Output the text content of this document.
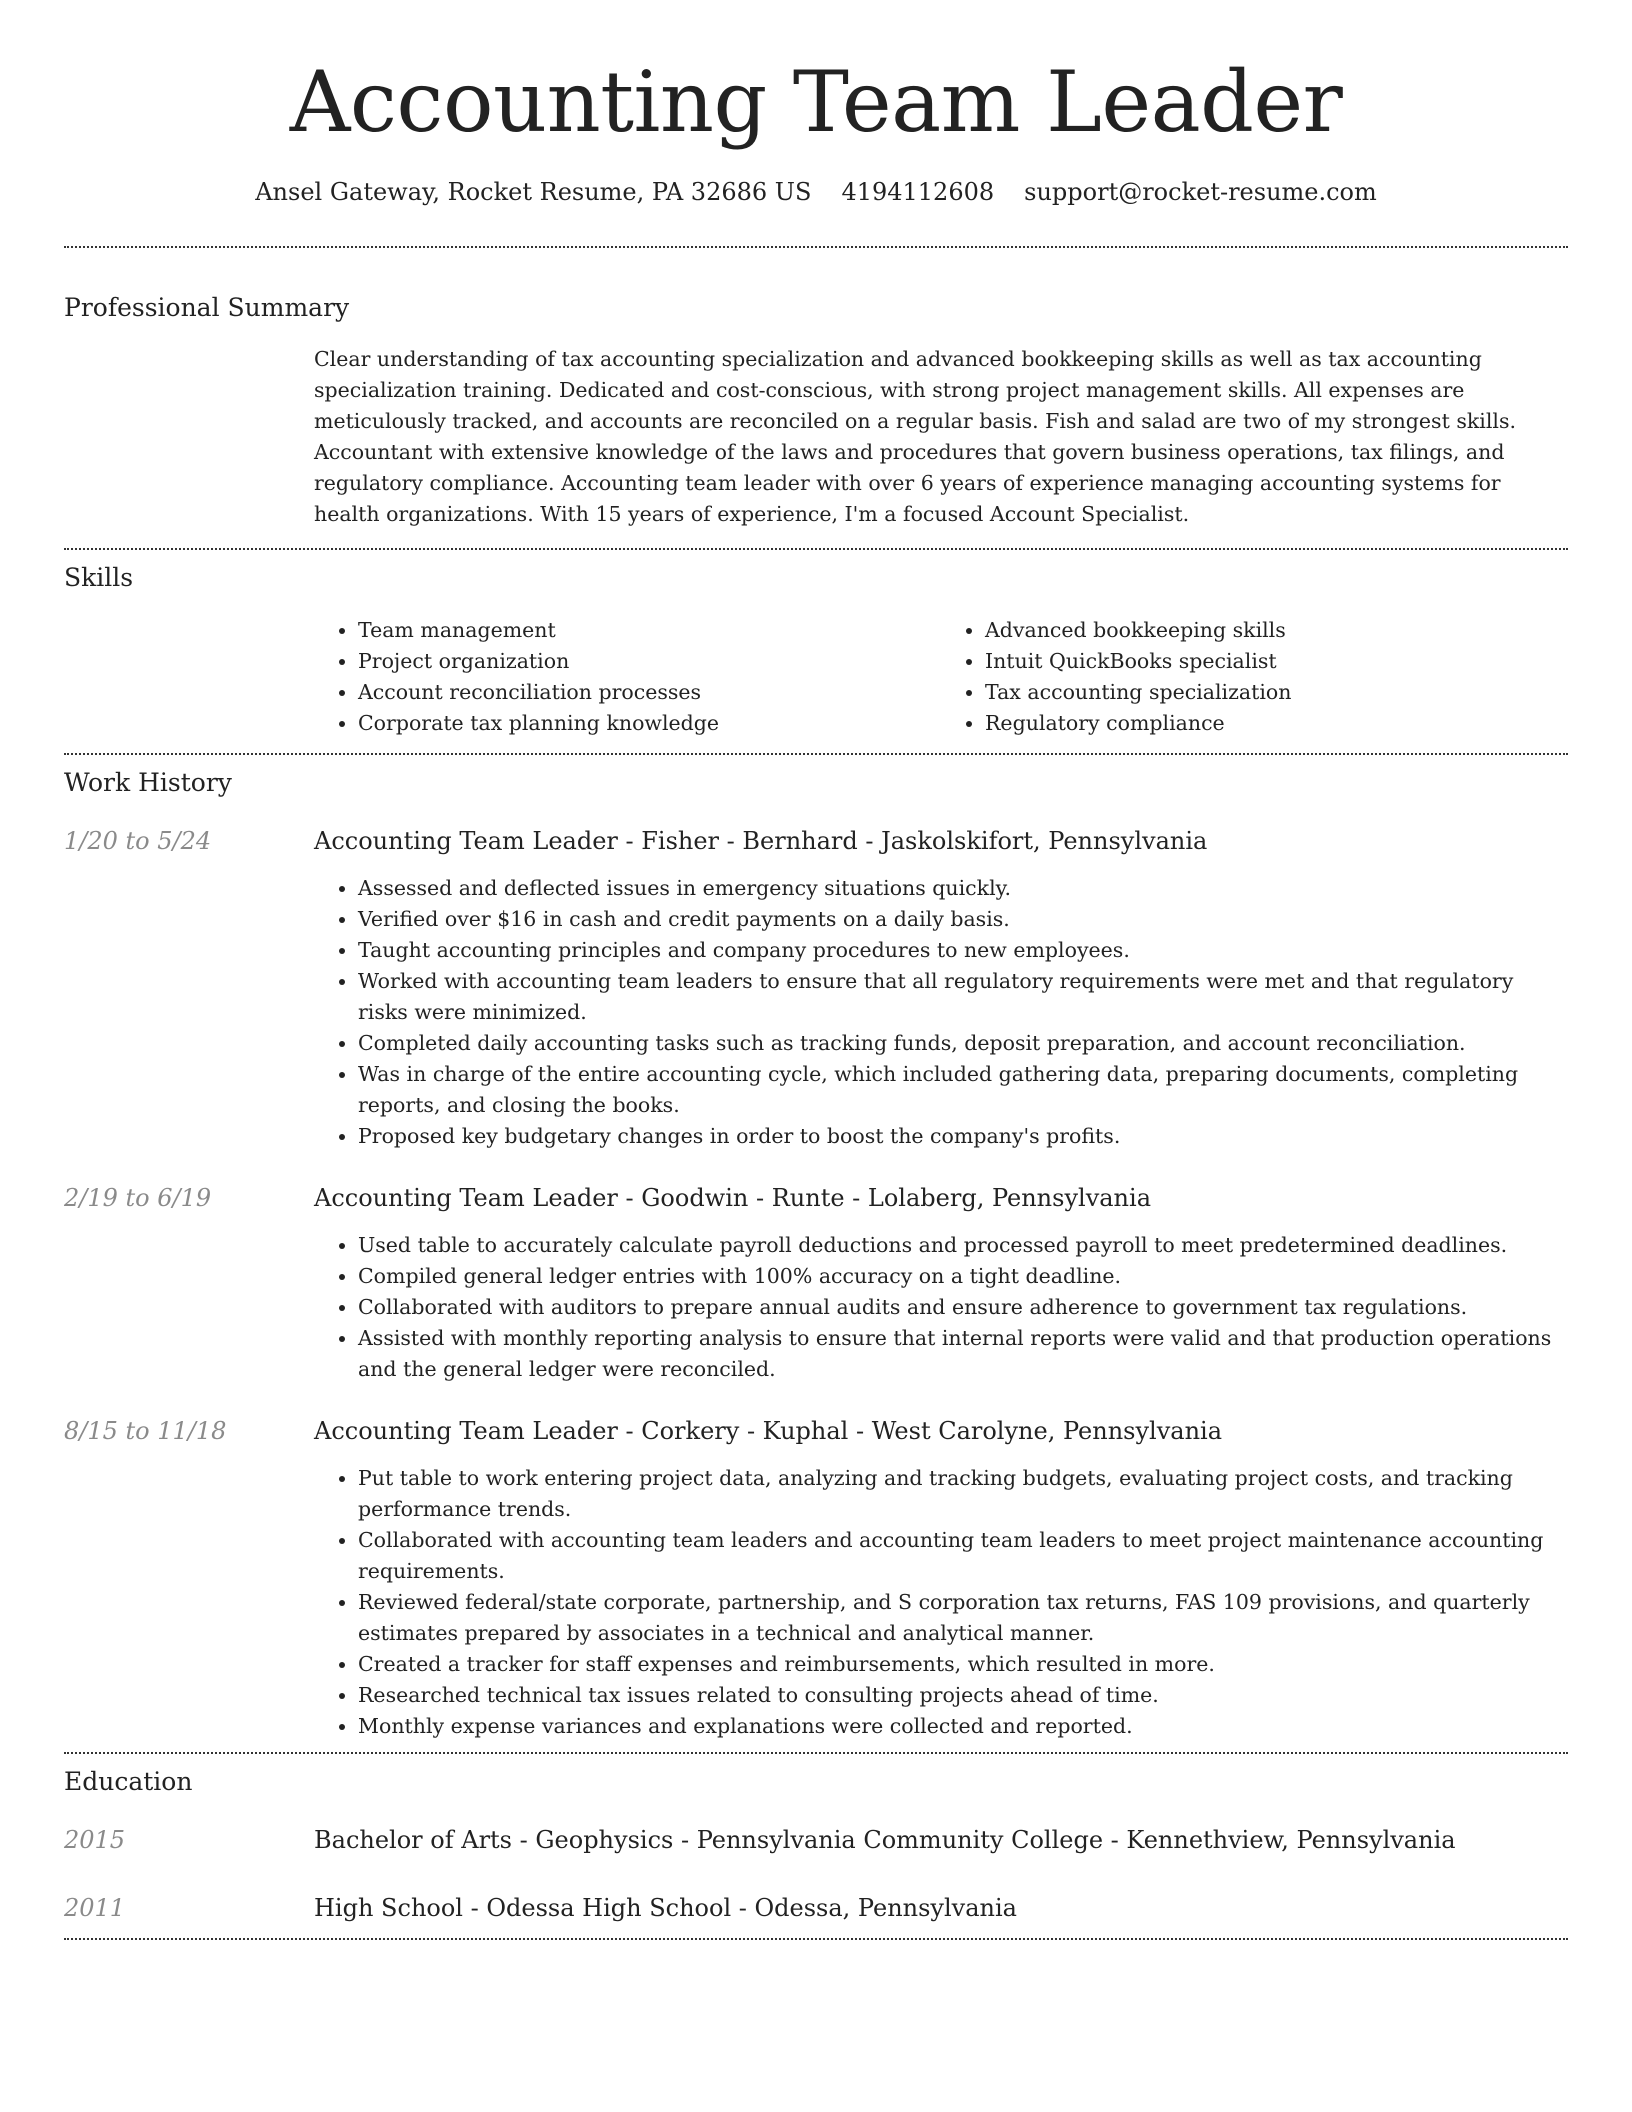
Accounting Team Leader
Ansel Gateway, Rocket Resume, PA 32686 US 4194112608 support@rocket-resume.com
Professional Summary

Clear understanding of tax accounting specialization and advanced bookkeeping skills as well as tax accounting specialization training. Dedicated and cost-conscious, with strong project management skills. All expenses are meticulously tracked, and accounts are reconciled on a regular basis. Fish and salad are two of my strongest skills. Accountant with extensive knowledge of the laws and procedures that govern business operations, tax filings, and regulatory compliance. Accounting team leader with over 6 years of experience managing accounting systems for health organizations. With 15 years of experience, I'm a focused Account Specialist.

Skills
• Team management
• Project organization
• Account reconciliation processes
• Corporate tax planning knowledge
• Advanced bookkeeping skills
• Intuit QuickBooks specialist
• Tax accounting specialization
• Regulatory compliance
Work History
1/20 to 5/24	Accounting Team Leader - Fisher - Bernhard - Jaskolskifort, Pennsylvania
• Assessed and deflected issues in emergency situations quickly.
• Verified over $16 in cash and credit payments on a daily basis.
• Taught accounting principles and company procedures to new employees.
• Worked with accounting team leaders to ensure that all regulatory requirements were met and that regulatory risks were minimized.
• Completed daily accounting tasks such as tracking funds, deposit preparation, and account reconciliation.
• Was in charge of the entire accounting cycle, which included gathering data, preparing documents, completing reports, and closing the books.
• Proposed key budgetary changes in order to boost the company's profits.
2/19 to 6/19	Accounting Team Leader - Goodwin - Runte - Lolaberg, Pennsylvania
• Used table to accurately calculate payroll deductions and processed payroll to meet predetermined deadlines.
• Compiled general ledger entries with 100% accuracy on a tight deadline.
• Collaborated with auditors to prepare annual audits and ensure adherence to government tax regulations.
• Assisted with monthly reporting analysis to ensure that internal reports were valid and that production operations and the general ledger were reconciled.
8/15 to 11/18	Accounting Team Leader - Corkery - Kuphal - West Carolyne, Pennsylvania
• Put table to work entering project data, analyzing and tracking budgets, evaluating project costs, and tracking performance trends.
• Collaborated with accounting team leaders and accounting team leaders to meet project maintenance accounting requirements.
• Reviewed federal/state corporate, partnership, and S corporation tax returns, FAS 109 provisions, and quarterly estimates prepared by associates in a technical and analytical manner.
• Created a tracker for staff expenses and reimbursements, which resulted in more.
• Researched technical tax issues related to consulting projects ahead of time.
• Monthly expense variances and explanations were collected and reported.
Education
2015	Bachelor of Arts - Geophysics - Pennsylvania Community College - Kennethview, Pennsylvania
2011	High School - Odessa High School - Odessa, Pennsylvania
